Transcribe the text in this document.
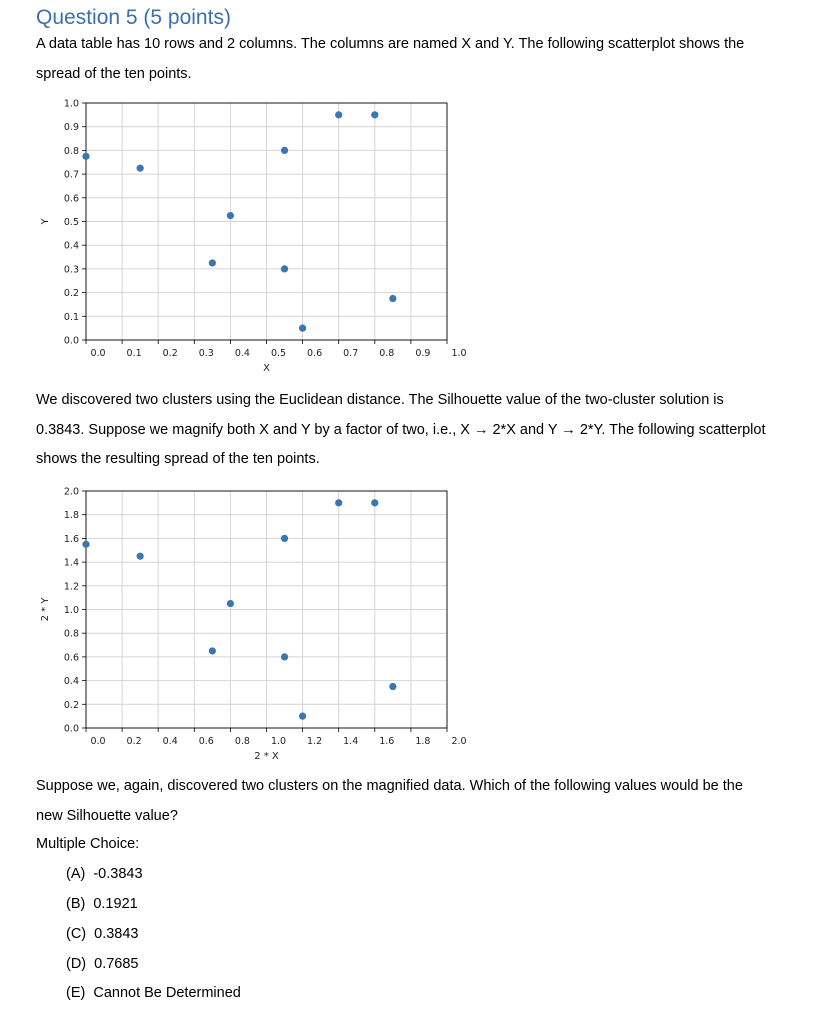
Question 5 (5 points)
A data table has 10 rows and 2 columns. The columns are named X and Y. The following scatterplot shows the
spread of the ten points.
0.0 0.1 0.2 0.3 0.4 0.5 0.6 0.7 0.8 0.9 1.0
0.0
0.1
0.2
0.3
0.4
0.5
0.6
0.7
0.8
0.9
1.0
X
Y
We discovered two clusters using the Euclidean distance. The Silhouette value of the two-cluster solution is
0.3843. Suppose we magnify both X and Y by a factor of two, i.e., X → 2*X and Y → 2*Y. The following scatterplot
shows the resulting spread of the ten points.
0.0 0.2 0.4 0.6 0.8 1.0 1.2 1.4 1.6 1.8 2.0
0.0
0.2
0.4
0.6
0.8
1.0
1.2
1.4
1.6
1.8
2.0
2 * X
2 * Y
Suppose we, again, discovered two clusters on the magnified data. Which of the following values would be the
new Silhouette value?
Multiple Choice:
(A) -0.3843
(B) 0.1921
(C) 0.3843
(D) 0.7685
(E) Cannot Be Determined
